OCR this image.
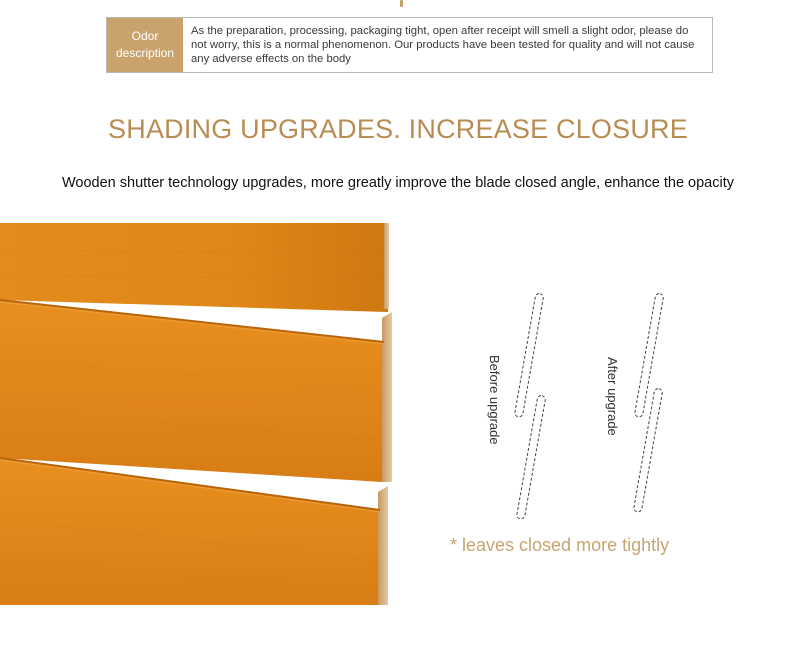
Odor
description
As the preparation, processing, packaging tight, open after receipt will smell a slight odor, please do not worry, this is a normal phenomenon. Our products have been tested for quality and will not cause any adverse effects on the body
SHADING UPGRADES. INCREASE CLOSURE
Wooden shutter technology upgrades, more greatly improve the blade closed angle, enhance the opacity
Before upgrade	After upgrade
* leaves closed more tightly
